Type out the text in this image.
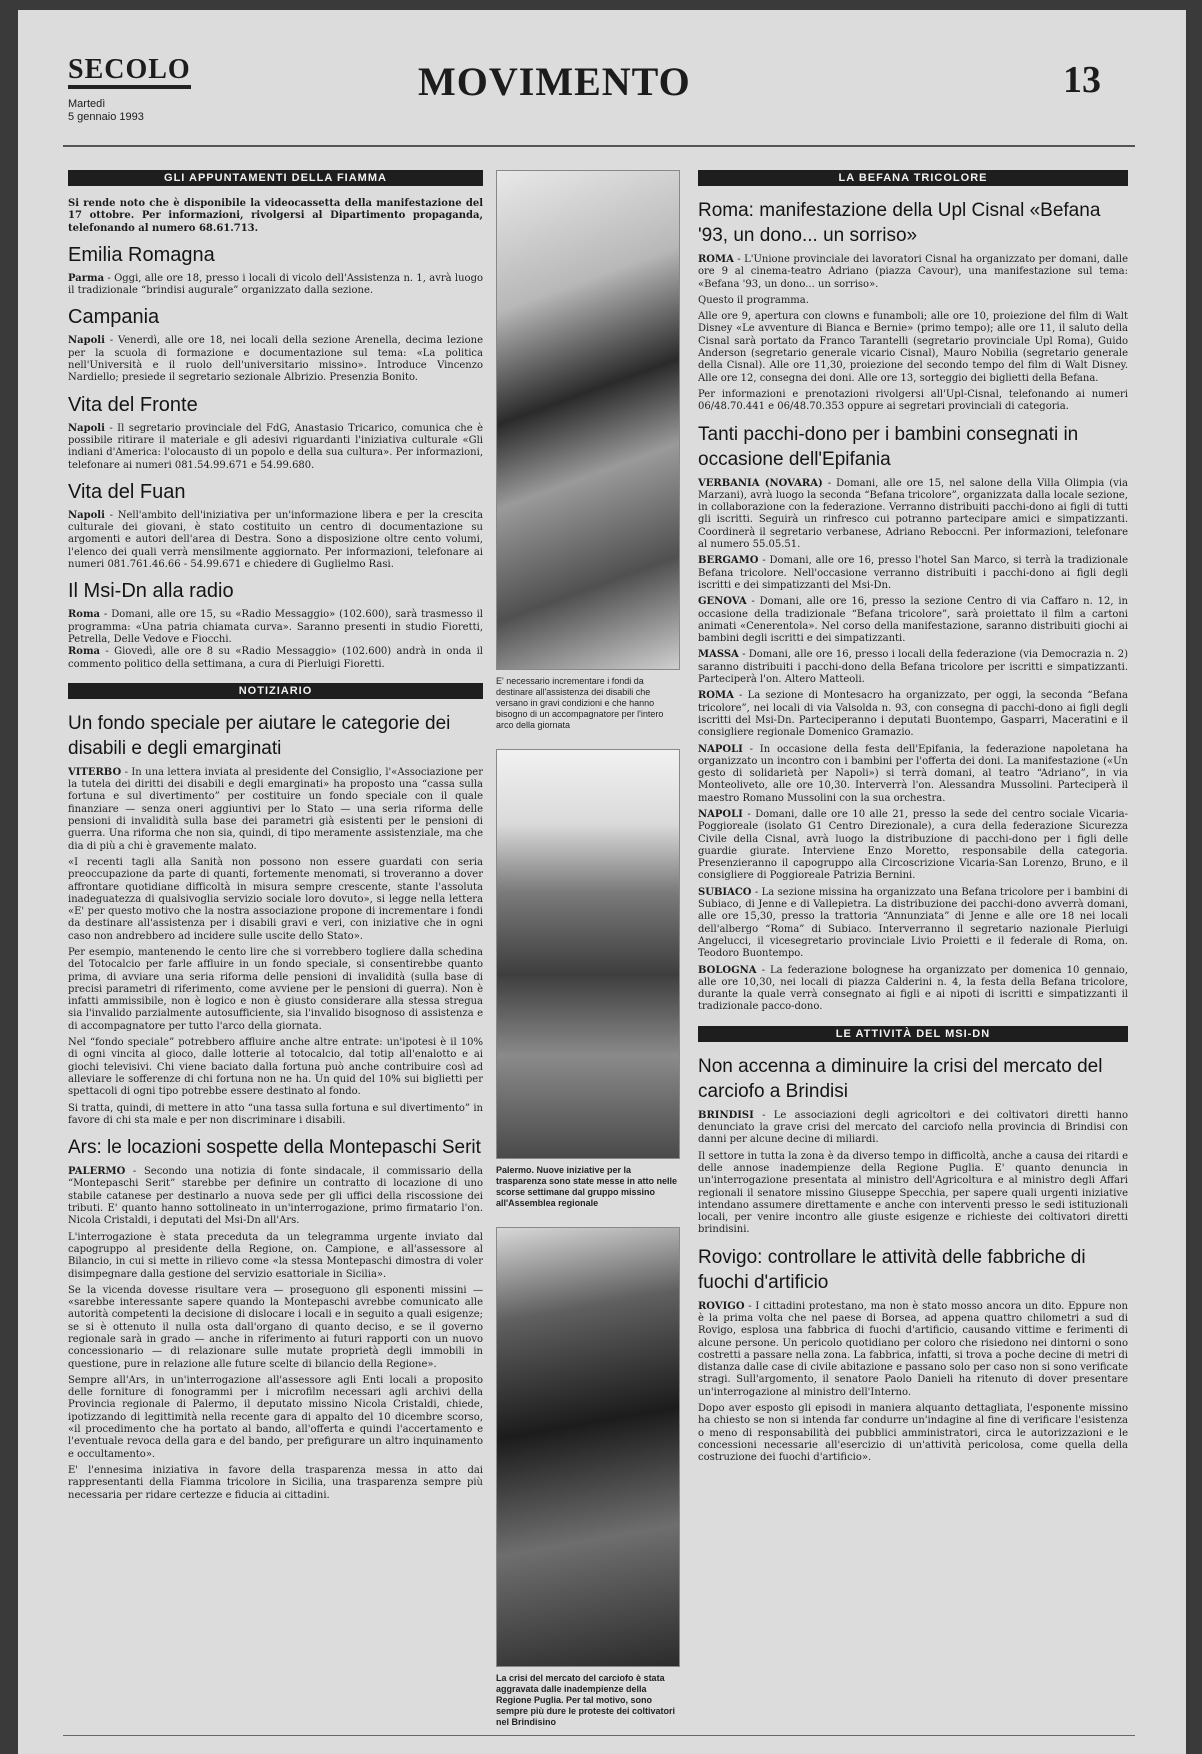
SECOLO
Martedì
5 gennaio 1993
MOVIMENTO	13
GLI APPUNTAMENTI DELLA FIAMMA

Si rende noto che è disponibile la videocassetta della manifestazione del 17 ottobre. Per informazioni, rivolgersi al Dipartimento propaganda, telefonando al numero 68.61.713.

Emilia Romagna

Parma - Oggi, alle ore 18, presso i locali di vicolo dell'Assistenza n. 1, avrà luogo il tradizionale “brindisi augurale” organizzato dalla sezione.

Campania

Napoli - Venerdì, alle ore 18, nei locali della sezione Arenella, decima lezione per la scuola di formazione e documentazione sul tema: «La politica nell'Università e il ruolo dell'universitario missino». Introduce Vincenzo Nardiello; presiede il segretario sezionale Albrizio. Presenzia Bonito.

Vita del Fronte

Napoli - Il segretario provinciale del FdG, Anastasio Tricarico, comunica che è possibile ritirare il materiale e gli adesivi riguardanti l'iniziativa culturale «Gli indiani d'America: l'olocausto di un popolo e della sua cultura». Per informazioni, telefonare ai numeri 081.54.99.671 e 54.99.680.

Vita del Fuan

Napoli - Nell'ambito dell'iniziativa per un'informazione libera e per la crescita culturale dei giovani, è stato costituito un centro di documentazione su argomenti e autori dell'area di Destra. Sono a disposizione oltre cento volumi, l'elenco dei quali verrà mensilmente aggiornato. Per informazioni, telefonare ai numeri 081.761.46.66 - 54.99.671 e chiedere di Guglielmo Rasi.

Il Msi-Dn alla radio

Roma - Domani, alle ore 15, su «Radio Messaggio» (102.600), sarà trasmesso il programma: «Una patria chiamata curva». Saranno presenti in studio Fioretti, Petrella, Delle Vedove e Fiocchi.

Roma - Giovedì, alle ore 8 su «Radio Messaggio» (102.600) andrà in onda il commento politico della settimana, a cura di Pierluigi Fioretti.

NOTIZIARIO
Un fondo speciale per aiutare le categorie dei disabili e degli emarginati

VITERBO - In una lettera inviata al presidente del Consiglio, l'«Associazione per la tutela dei diritti dei disabili e degli emarginati» ha proposto una “cassa sulla fortuna e sul divertimento” per costituire un fondo speciale con il quale finanziare — senza oneri aggiuntivi per lo Stato — una seria riforma delle pensioni di invalidità sulla base dei parametri già esistenti per le pensioni di guerra. Una riforma che non sia, quindi, di tipo meramente assistenziale, ma che dia di più a chi è gravemente malato.

«I recenti tagli alla Sanità non possono non essere guardati con seria preoccupazione da parte di quanti, fortemente menomati, si troveranno a dover affrontare quotidiane difficoltà in misura sempre crescente, stante l'assoluta inadeguatezza di qualsivoglia servizio sociale loro dovuto», si legge nella lettera «E' per questo motivo che la nostra associazione propone di incrementare i fondi da destinare all'assistenza per i disabili gravi e veri, con iniziative che in ogni caso non andrebbero ad incidere sulle uscite dello Stato».

Per esempio, mantenendo le cento lire che si vorrebbero togliere dalla schedina del Totocalcio per farle affluire in un fondo speciale, si consentirebbe quanto prima, di avviare una seria riforma delle pensioni di invalidità (sulla base di precisi parametri di riferimento, come avviene per le pensioni di guerra). Non è infatti ammissibile, non è logico e non è giusto considerare alla stessa stregua sia l'invalido parzialmente autosufficiente, sia l'invalido bisognoso di assistenza e di accompagnatore per tutto l'arco della giornata.

Nel “fondo speciale” potrebbero affluire anche altre entrate: un'ipotesi è il 10% di ogni vincita al gioco, dalle lotterie al totocalcio, dal totip all'enalotto e ai giochi televisivi. Chi viene baciato dalla fortuna può anche contribuire così ad alleviare le sofferenze di chi fortuna non ne ha. Un quid del 10% sui biglietti per spettacoli di ogni tipo potrebbe essere destinato al fondo.

Si tratta, quindi, di mettere in atto “una tassa sulla fortuna e sul divertimento” in favore di chi sta male e per non discriminare i disabili.

Ars: le locazioni sospette della Montepaschi Serit

PALERMO - Secondo una notizia di fonte sindacale, il commissario della “Montepaschi Serit” starebbe per definire un contratto di locazione di uno stabile catanese per destinarlo a nuova sede per gli uffici della riscossione dei tributi. E' quanto hanno sottolineato in un'interrogazione, primo firmatario l'on. Nicola Cristaldi, i deputati del Msi-Dn all'Ars.

L'interrogazione è stata preceduta da un telegramma urgente inviato dal capogruppo al presidente della Regione, on. Campione, e all'assessore al Bilancio, in cui si mette in rilievo come «la stessa Montepaschi dimostra di voler disimpegnare dalla gestione del servizio esattoriale in Sicilia».

Se la vicenda dovesse risultare vera — proseguono gli esponenti missini — «sarebbe interessante sapere quando la Montepaschi avrebbe comunicato alle autorità competenti la decisione di dislocare i locali e in seguito a quali esigenze; se si è ottenuto il nulla osta dall'organo di quanto deciso, e se il governo regionale sarà in grado — anche in riferimento ai futuri rapporti con un nuovo concessionario — di relazionare sulle mutate proprietà degli immobili in questione, pure in relazione alle future scelte di bilancio della Regione».

Sempre all'Ars, in un'interrogazione all'assessore agli Enti locali a proposito delle forniture di fonogrammi per i microfilm necessari agli archivi della Provincia regionale di Palermo, il deputato missino Nicola Cristaldi, chiede, ipotizzando di legittimità nella recente gara di appalto del 10 dicembre scorso, «il procedimento che ha portato al bando, all'offerta e quindi l'accertamento e l'eventuale revoca della gara e del bando, per prefigurare un altro inquinamento e occultamento».

E' l'ennesima iniziativa in favore della trasparenza messa in atto dai rappresentanti della Fiamma tricolore in Sicilia, una trasparenza sempre più necessaria per ridare certezze e fiducia ai cittadini.

E' necessario incrementare i fondi da destinare all'assistenza dei disabili che versano in gravi condizioni e che hanno bisogno di un accompagnatore per l'intero arco della giornata
Palermo. Nuove iniziative per la trasparenza sono state messe in atto nelle scorse settimane dal gruppo missino all'Assemblea regionale
La crisi del mercato del carciofo è stata aggravata dalle inadempienze della Regione Puglia. Per tal motivo, sono sempre più dure le proteste dei coltivatori nel Brindisino
LA BEFANA TRICOLORE
Roma: manifestazione della Upl Cisnal «Befana '93, un dono... un sorriso»

ROMA - L'Unione provinciale dei lavoratori Cisnal ha organizzato per domani, dalle ore 9 al cinema-teatro Adriano (piazza Cavour), una manifestazione sul tema: «Befana '93, un dono... un sorriso».

Questo il programma.

Alle ore 9, apertura con clowns e funamboli; alle ore 10, proiezione del film di Walt Disney «Le avventure di Bianca e Bernie» (primo tempo); alle ore 11, il saluto della Cisnal sarà portato da Franco Tarantelli (segretario provinciale Upl Roma), Guido Anderson (segretario generale vicario Cisnal), Mauro Nobilia (segretario generale della Cisnal). Alle ore 11,30, proiezione del secondo tempo del film di Walt Disney. Alle ore 12, consegna dei doni. Alle ore 13, sorteggio dei biglietti della Befana.

Per informazioni e prenotazioni rivolgersi all'Upl-Cisnal, telefonando ai numeri 06/48.70.441 e 06/48.70.353 oppure ai segretari provinciali di categoria.

Tanti pacchi-dono per i bambini consegnati in occasione dell'Epifania

VERBANIA (NOVARA) - Domani, alle ore 15, nel salone della Villa Olimpia (via Marzani), avrà luogo la seconda “Befana tricolore”, organizzata dalla locale sezione, in collaborazione con la federazione. Verranno distribuiti pacchi-dono ai figli di tutti gli iscritti. Seguirà un rinfresco cui potranno partecipare amici e simpatizzanti. Coordinerà il segretario verbanese, Adriano Reboccni. Per informazioni, telefonare al numero 55.05.51.

BERGAMO - Domani, alle ore 16, presso l'hotel San Marco, si terrà la tradizionale Befana tricolore. Nell'occasione verranno distribuiti i pacchi-dono ai figli degli iscritti e dei simpatizzanti del Msi-Dn.

GENOVA - Domani, alle ore 16, presso la sezione Centro di via Caffaro n. 12, in occasione della tradizionale “Befana tricolore”, sarà proiettato il film a cartoni animati «Cenerentola». Nel corso della manifestazione, saranno distribuiti giochi ai bambini degli iscritti e dei simpatizzanti.

MASSA - Domani, alle ore 16, presso i locali della federazione (via Democrazia n. 2) saranno distribuiti i pacchi-dono della Befana tricolore per iscritti e simpatizzanti. Parteciperà l'on. Altero Matteoli.

ROMA - La sezione di Montesacro ha organizzato, per oggi, la seconda “Befana tricolore”, nei locali di via Valsolda n. 93, con consegna di pacchi-dono ai figli degli iscritti del Msi-Dn. Parteciperanno i deputati Buontempo, Gasparri, Maceratini e il consigliere regionale Domenico Gramazio.

NAPOLI - In occasione della festa dell'Epifania, la federazione napoletana ha organizzato un incontro con i bambini per l'offerta dei doni. La manifestazione («Un gesto di solidarietà per Napoli») si terrà domani, al teatro “Adriano”, in via Monteoliveto, alle ore 10,30. Interverrà l'on. Alessandra Mussolini. Parteciperà il maestro Romano Mussolini con la sua orchestra.

NAPOLI - Domani, dalle ore 10 alle 21, presso la sede del centro sociale Vicaria-Poggioreale (isolato G1 Centro Direzionale), a cura della federazione Sicurezza Civile della Cisnal, avrà luogo la distribuzione di pacchi-dono per i figli delle guardie giurate. Interviene Enzo Moretto, responsabile della categoria. Presenzieranno il capogruppo alla Circoscrizione Vicaria-San Lorenzo, Bruno, e il consigliere di Poggioreale Patrizia Bernini.

SUBIACO - La sezione missina ha organizzato una Befana tricolore per i bambini di Subiaco, di Jenne e di Vallepietra. La distribuzione dei pacchi-dono avverrà domani, alle ore 15,30, presso la trattoria “Annunziata” di Jenne e alle ore 18 nei locali dell'albergo “Roma” di Subiaco. Interverranno il segretario nazionale Pierluigi Angelucci, il vicesegretario provinciale Livio Proietti e il federale di Roma, on. Teodoro Buontempo.

BOLOGNA - La federazione bolognese ha organizzato per domenica 10 gennaio, alle ore 10,30, nei locali di piazza Calderini n. 4, la festa della Befana tricolore, durante la quale verrà consegnato ai figli e ai nipoti di iscritti e simpatizzanti il tradizionale pacco-dono.

LE ATTIVITÀ DEL MSI-DN
Non accenna a diminuire la crisi del mercato del carciofo a Brindisi

BRINDISI - Le associazioni degli agricoltori e dei coltivatori diretti hanno denunciato la grave crisi del mercato del carciofo nella provincia di Brindisi con danni per alcune decine di miliardi.

Il settore in tutta la zona è da diverso tempo in difficoltà, anche a causa dei ritardi e delle annose inadempienze della Regione Puglia. E' quanto denuncia in un'interrogazione presentata al ministro dell'Agricoltura e al ministro degli Affari regionali il senatore missino Giuseppe Specchia, per sapere quali urgenti iniziative intendano assumere direttamente e anche con interventi presso le sedi istituzionali locali, per venire incontro alle giuste esigenze e richieste dei coltivatori diretti brindisini.

Rovigo: controllare le attività delle fabbriche di fuochi d'artificio

ROVIGO - I cittadini protestano, ma non è stato mosso ancora un dito. Eppure non è la prima volta che nel paese di Borsea, ad appena quattro chilometri a sud di Rovigo, esplosa una fabbrica di fuochi d'artificio, causando vittime e ferimenti di alcune persone. Un pericolo quotidiano per coloro che risiedono nei dintorni o sono costretti a passare nella zona. La fabbrica, infatti, si trova a poche decine di metri di distanza dalle case di civile abitazione e passano solo per caso non si sono verificate stragi. Sull'argomento, il senatore Paolo Danieli ha ritenuto di dover presentare un'interrogazione al ministro dell'Interno.

Dopo aver esposto gli episodi in maniera alquanto dettagliata, l'esponente missino ha chiesto se non si intenda far condurre un'indagine al fine di verificare l'esistenza o meno di responsabilità dei pubblici amministratori, circa le autorizzazioni e le concessioni necessarie all'esercizio di un'attività pericolosa, come quella della costruzione dei fuochi d'artificio».
